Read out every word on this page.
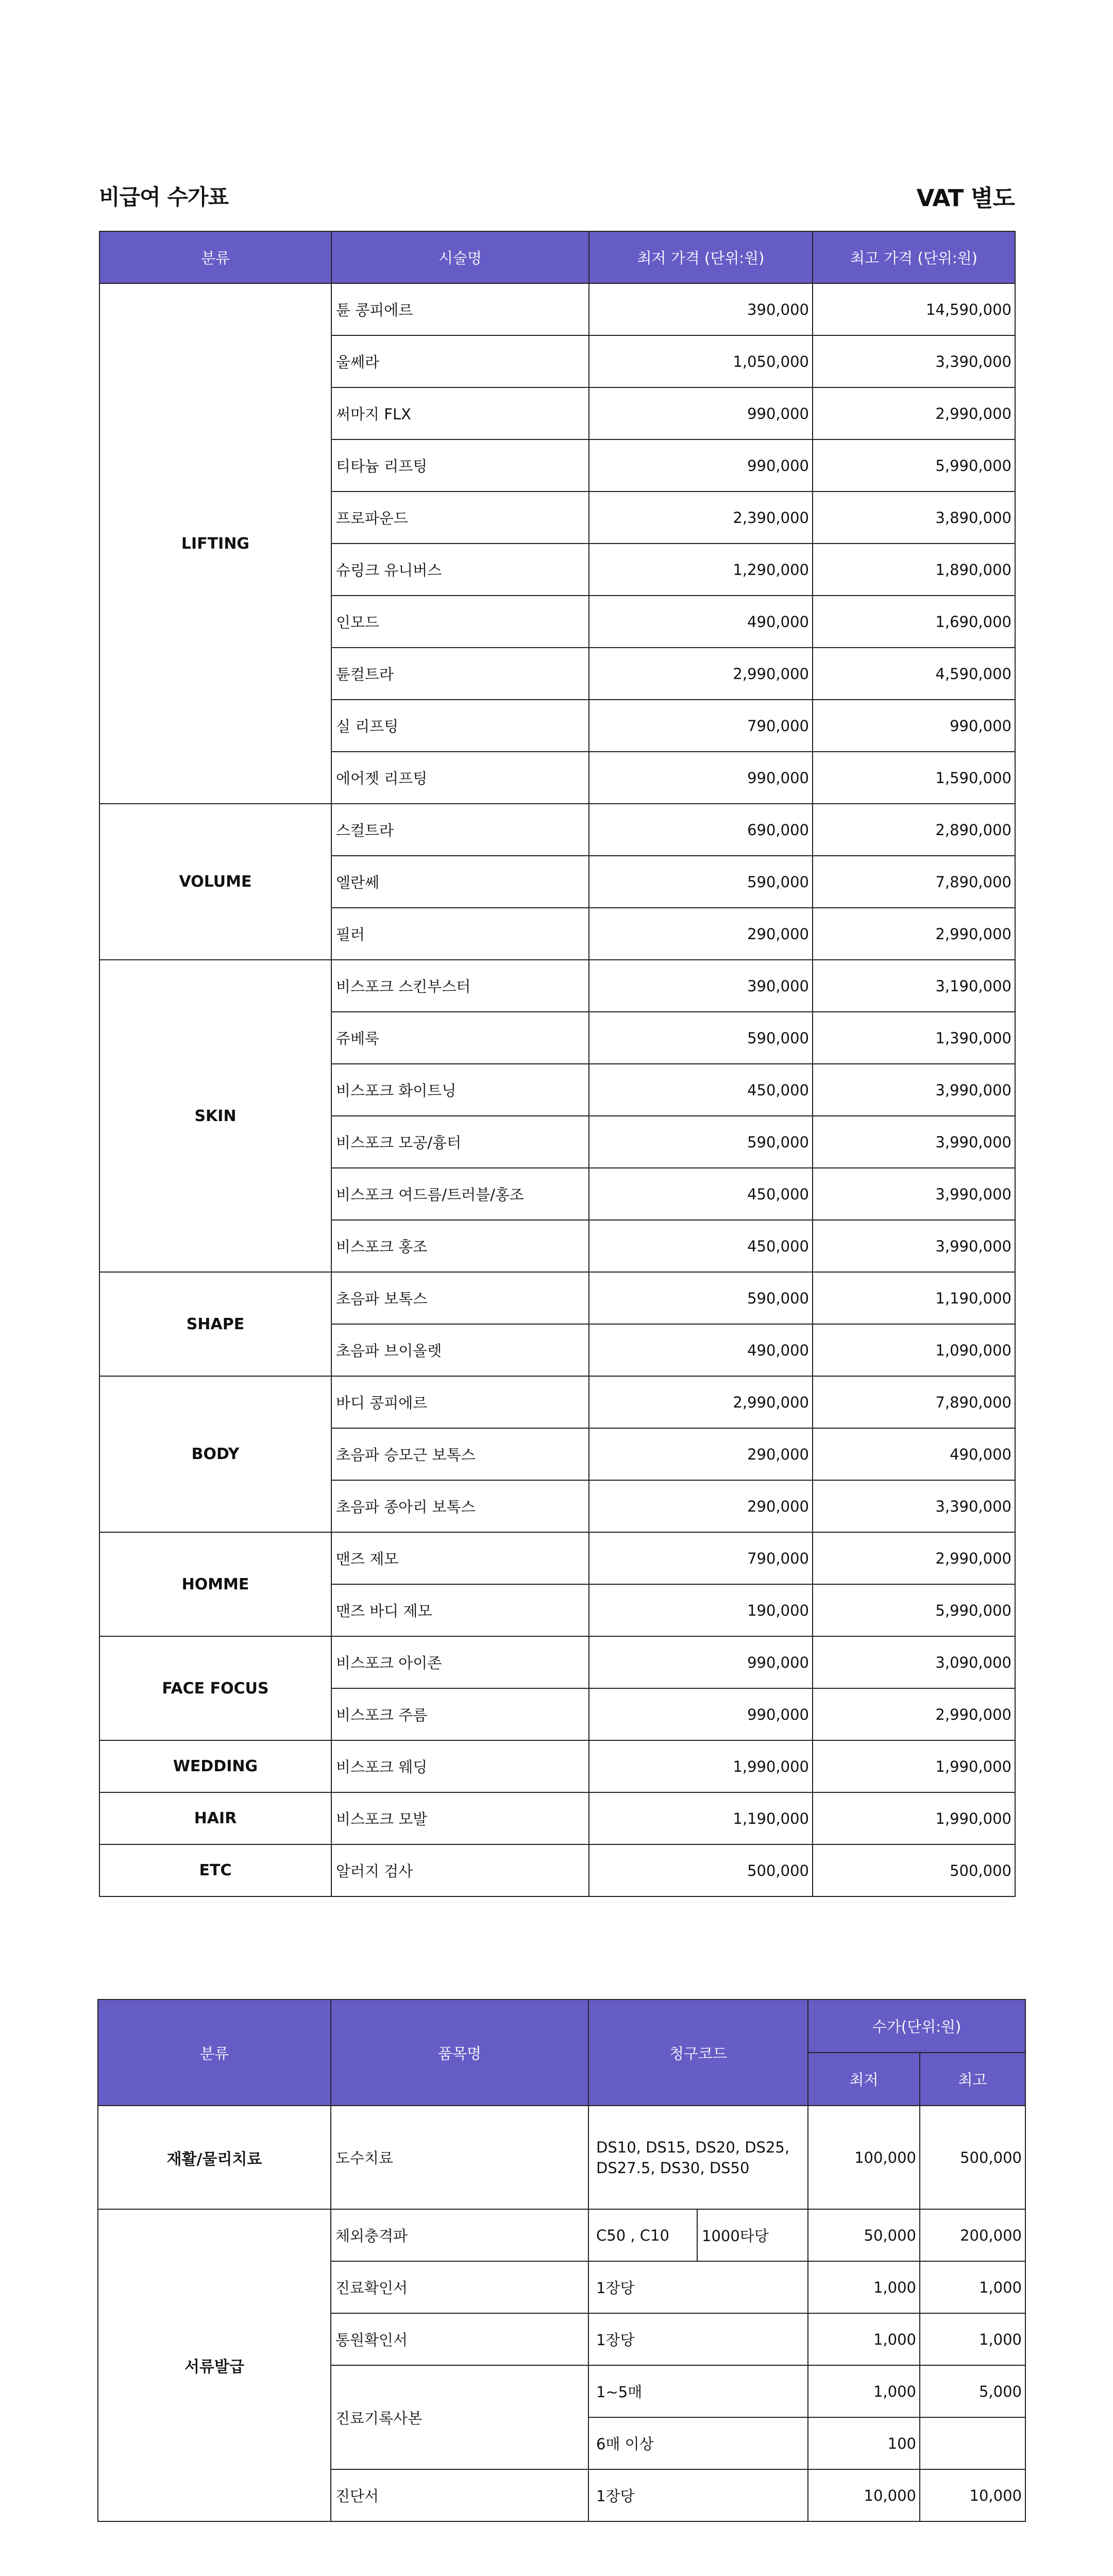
비급여 수가표	VAT 별도
분류	시술명	최저 가격 (단위:원)	최고 가격 (단위:원)
LIFTING	튠 콩피에르	390,000	14,590,000
	울쎄라	1,050,000	3,390,000
	써마지 FLX	990,000	2,990,000
	티타늄 리프팅	990,000	5,990,000
	프로파운드	2,390,000	3,890,000
	슈링크 유니버스	1,290,000	1,890,000
	인모드	490,000	1,690,000
	튠컬트라	2,990,000	4,590,000
	실 리프팅	790,000	990,000
	에어젯 리프팅	990,000	1,590,000
VOLUME	스컬트라	690,000	2,890,000
	엘란쎄	590,000	7,890,000
	필러	290,000	2,990,000
SKIN	비스포크 스킨부스터	390,000	3,190,000
	쥬베룩	590,000	1,390,000
	비스포크 화이트닝	450,000	3,990,000
	비스포크 모공/흉터	590,000	3,990,000
	비스포크 여드름/트러블/홍조	450,000	3,990,000
	비스포크 홍조	450,000	3,990,000
SHAPE	초음파 보톡스	590,000	1,190,000
	초음파 브이올렛	490,000	1,090,000
BODY	바디 콩피에르	2,990,000	7,890,000
	초음파 승모근 보톡스	290,000	490,000
	초음파 종아리 보톡스	290,000	3,390,000
HOMME	맨즈 제모	790,000	2,990,000
	맨즈 바디 제모	190,000	5,990,000
FACE FOCUS	비스포크 아이존	990,000	3,090,000
	비스포크 주름	990,000	2,990,000
WEDDING	비스포크 웨딩	1,990,000	1,990,000
HAIR	비스포크 모발	1,190,000	1,990,000
ETC	알러지 검사	500,000	500,000
분류	품목명	청구코드		수가(단위:원)	
				최저	최고
재활/물리치료	도수치료	DS10, DS15, DS20, DS25, DS27.5, DS30, DS50		100,000	500,000
서류발급	체외충격파	C50 , C10	1000타당	50,000	200,000
	진료확인서	1장당		1,000	1,000
	통원확인서	1장당		1,000	1,000
	진료기록사본	1~5매		1,000	5,000
		6매 이상		100	
	진단서	1장당		10,000	10,000
